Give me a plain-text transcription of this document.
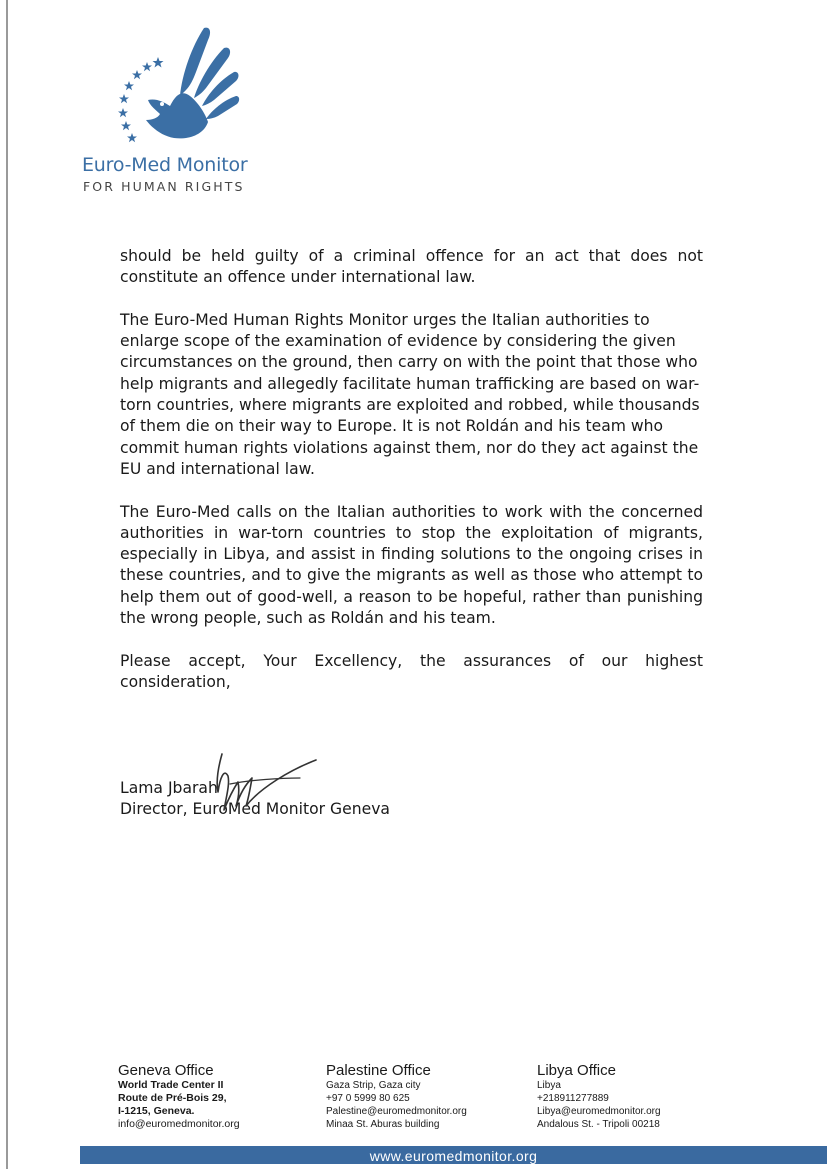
Euro-Med Monitor
FOR HUMAN RIGHTS

should be held guilty of a criminal offence for an act that does not constitute an offence under international law.

The Euro-Med Human Rights Monitor urges the Italian authorities to enlarge scope of the examination of evidence by considering the given circumstances on the ground, then carry on with the point that those who help migrants and allegedly facilitate human trafficking are based on war-torn countries, where migrants are exploited and robbed, while thousands of them die on their way to Europe. It is not Roldán and his team who commit human rights violations against them, nor do they act against the EU and international law.

The Euro-Med calls on the Italian authorities to work with the concerned authorities in war-torn countries to stop the exploitation of migrants, especially in Libya, and assist in finding solutions to the ongoing crises in these countries, and to give the migrants as well as those who attempt to help them out of good-well, a reason to be hopeful, rather than punishing the wrong people, such as Roldán and his team.

Please accept, Your Excellency, the assurances of our highest consideration,

Lama Jbarah
Director, EuroMed Monitor Geneva
Geneva Office
World Trade Center II
Route de Pré-Bois 29,
I-1215, Geneva.
info@euromedmonitor.org
Palestine Office
Gaza Strip, Gaza city
+97 0 5999 80 625
Palestine@euromedmonitor.org
Minaa St. Aburas building
Libya Office
Libya
+218911277889
Libya@euromedmonitor.org
Andalous St. - Tripoli 00218
www.euromedmonitor.org
